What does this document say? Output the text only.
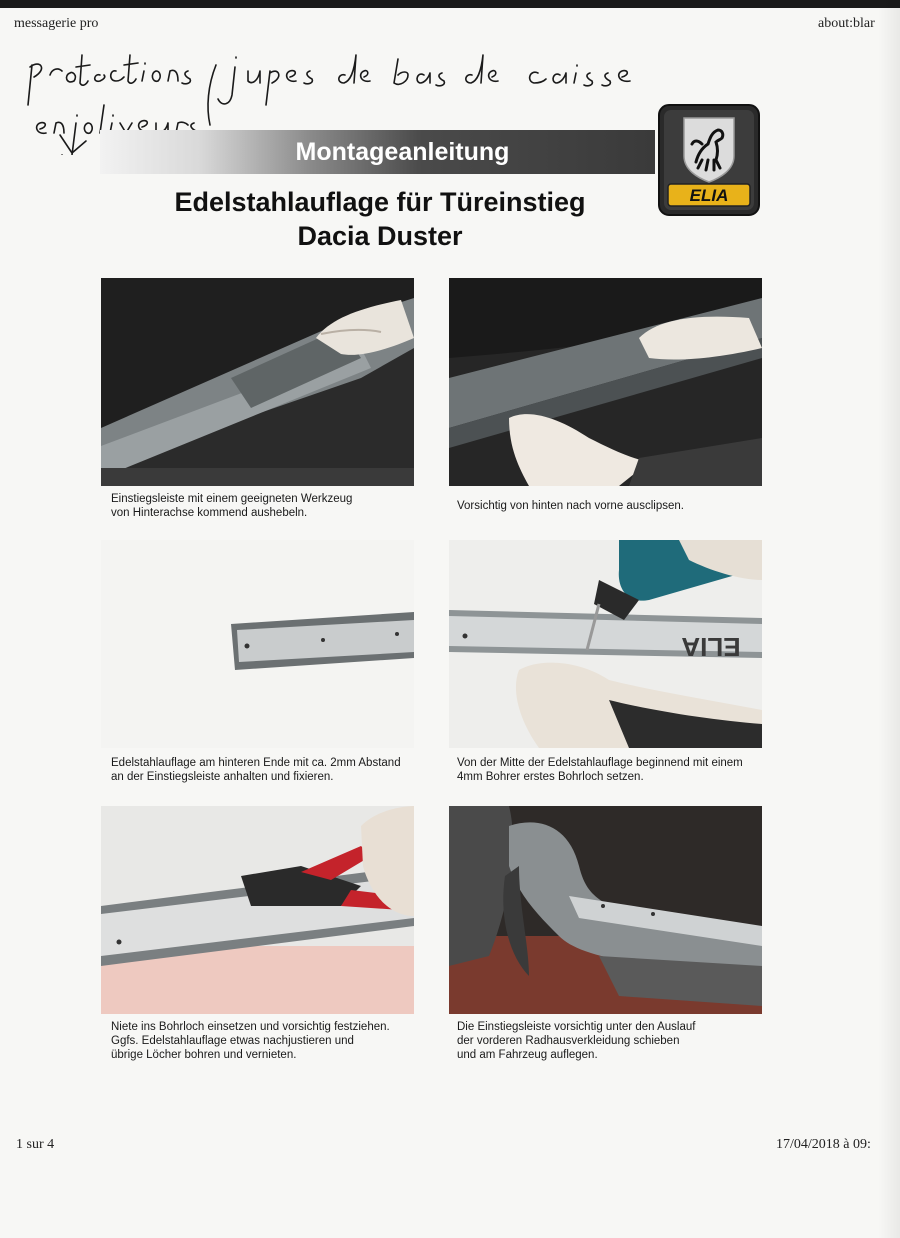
messagerie pro	about:blar
Montageanleitung
ELIA
Edelstahlauflage für Türeinstieg
Dacia Duster
Einstiegsleiste mit einem geeigneten Werkzeug
von Hinterachse kommend aushebeln.
Vorsichtig von hinten nach vorne ausclipsen.
Edelstahlauflage am hinteren Ende mit ca. 2mm Abstand
an der Einstiegsleiste anhalten und fixieren.
ELIA
Von der Mitte der Edelstahlauflage beginnend mit einem
4mm Bohrer erstes Bohrloch setzen.
Niete ins Bohrloch einsetzen und vorsichtig festziehen.
Ggfs. Edelstahlauflage etwas nachjustieren und
übrige Löcher bohren und vernieten.
Die Einstiegsleiste vorsichtig unter den Auslauf
der vorderen Radhausverkleidung schieben
und am Fahrzeug auflegen.
1 sur 4	17/04/2018 à 09:
